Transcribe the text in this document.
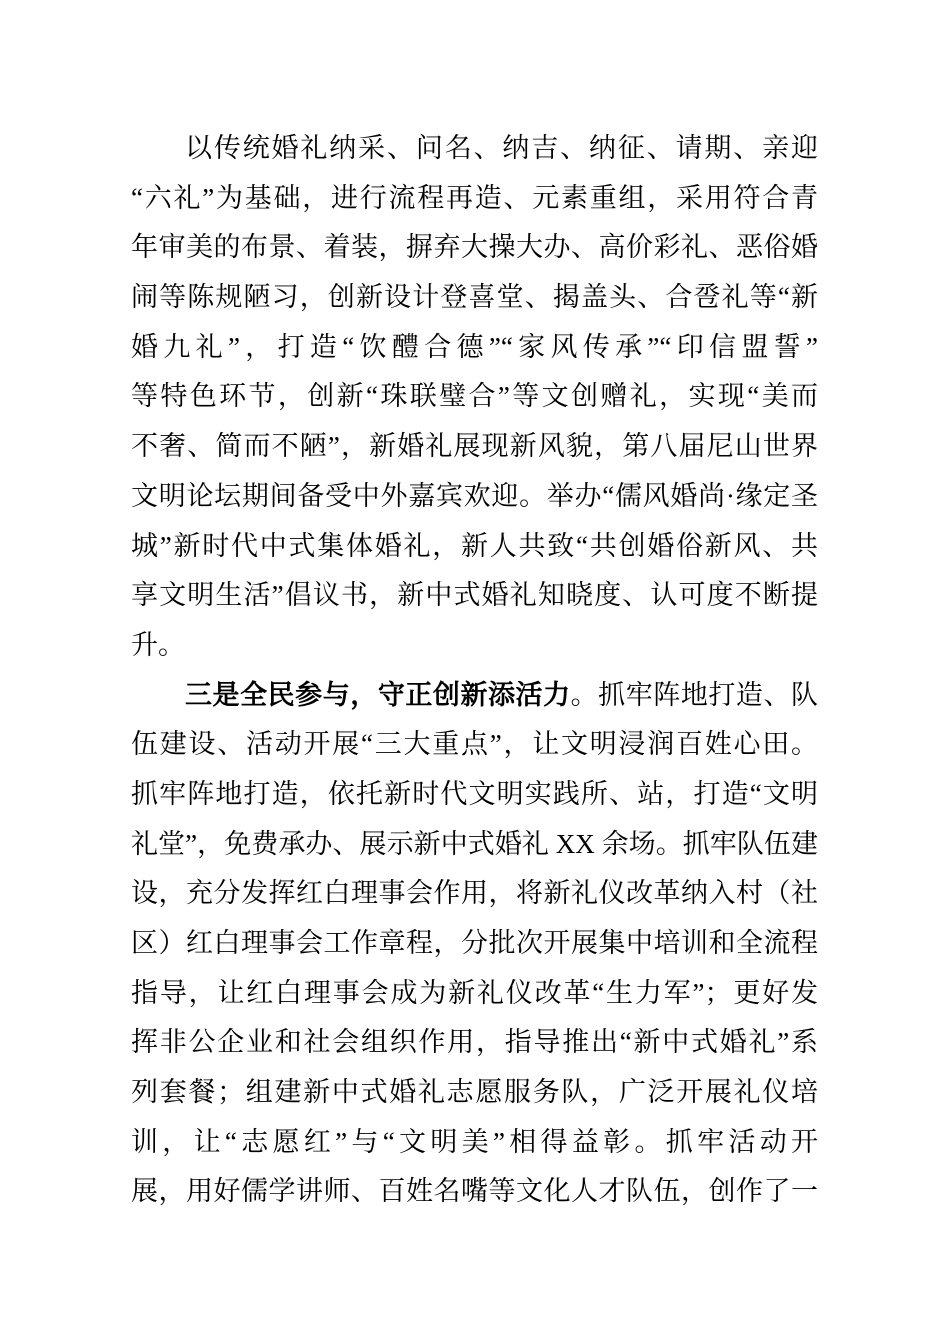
以传统婚礼纳采、问名、纳吉、纳征、请期、亲迎
“六礼”为基础，进行流程再造、元素重组，采用符合青
年审美的布景、着装，摒弃大操大办、高价彩礼、恶俗婚
闹等陈规陋习，创新设计登喜堂、揭盖头、合卺礼等“新
婚九礼”，打造“饮醴合德”“家风传承”“印信盟誓”
等特色环节，创新“珠联璧合”等文创赠礼，实现“美而
不奢、简而不陋”，新婚礼展现新风貌，第八届尼山世界
文明论坛期间备受中外嘉宾欢迎。举办“儒风婚尚·缘定圣
城”新时代中式集体婚礼，新人共致“共创婚俗新风、共
享文明生活”倡议书，新中式婚礼知晓度、认可度不断提
升。
三是全民参与，守正创新添活力。抓牢阵地打造、队
伍建设、活动开展“三大重点”，让文明浸润百姓心田。
抓牢阵地打造，依托新时代文明实践所、站，打造“文明
礼堂”，免费承办、展示新中式婚礼 XX 余场。抓牢队伍建
设，充分发挥红白理事会作用，将新礼仪改革纳入村（社
区）红白理事会工作章程，分批次开展集中培训和全流程
指导，让红白理事会成为新礼仪改革“生力军”；更好发
挥非公企业和社会组织作用，指导推出“新中式婚礼”系
列套餐；组建新中式婚礼志愿服务队，广泛开展礼仪培
训，让“志愿红”与“文明美”相得益彰。抓牢活动开
展，用好儒学讲师、百姓名嘴等文化人才队伍，创作了一
